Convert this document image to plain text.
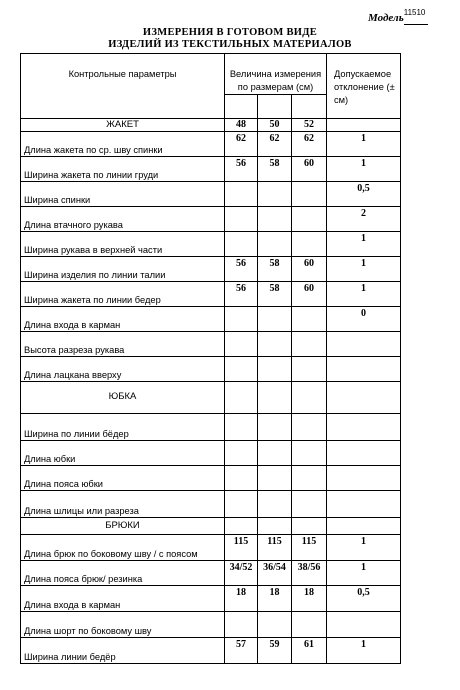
Модель$^{11510}$
ИЗМЕРЕНИЯ В ГОТОВОМ ВИДЕ
ИЗДЕЛИЙ ИЗ ТЕКСТИЛЬНЫХ МАТЕРИАЛОВ
Контрольные параметры	Величина измерения по размерам (см)			Допускаемое отклонение (± см)

ЖАКЕТ	48	50	52	
Длина жакета по ср. шву спинки	62	62	62	1
Ширина жакета по линии груди	56	58	60	1
Ширина спинки				0,5
Длина втачного рукава				2
Ширина рукава в верхней части				1
Ширина изделия по линии талии	56	58	60	1
Ширина жакета по линии бедер	56	58	60	1
Длина входа в карман				0
Высота разреза рукава				
Длина лацкана вверху				
ЮБКА				
Ширина по линии бёдер				
Длина юбки				
Длина пояса юбки				
Длина шлицы или разреза				
БРЮКИ				
Длина брюк по боковому шву / с поясом	115	115	115	1
Длина пояса брюк/ резинка	34/52	36/54	38/56	1
Длина входа в карман	18	18	18	0,5
Длина шорт по боковому шву				
Ширина линии бедёр	57	59	61	1
